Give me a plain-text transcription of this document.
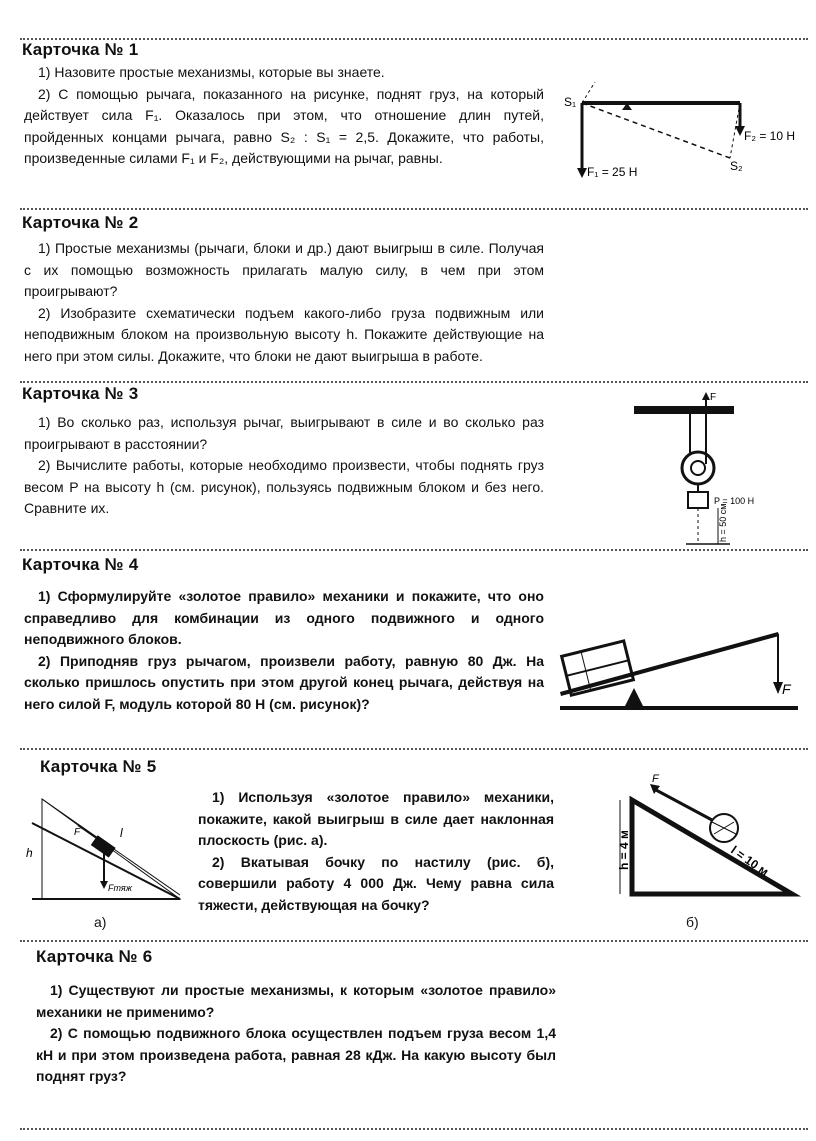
Карточка № 1

1) Назовите простые механизмы, которые вы знаете.

2) С помощью рычага, показанного на рисунке, поднят груз, на который действует сила F₁. Оказалось при этом, что отношение длин путей, пройденных концами рычага, равно S₂ : S₁ = 2,5. Докажите, что работы, произведенные силами F₁ и F₂, действующими на рычаг, равны.

S₁
S₂
F₂ = 10 H
F₁ = 25 H
Карточка № 2

1) Простые механизмы (рычаги, блоки и др.) дают выигрыш в силе. Получая с их помощью возможность прилагать малую силу, в чем при этом проигрывают?

2) Изобразите схематически подъем какого-либо груза подвижным или неподвижным блоком на произвольную высоту h. Покажите действующие на него при этом силы. Докажите, что блоки не дают выигрыша в работе.

Карточка № 3

1) Во сколько раз, используя рычаг, выигрывают в силе и во сколько раз проигрывают в расстоянии?

2) Вычислите работы, которые необходимо произвести, чтобы поднять груз весом P на высоту h (см. рисунок), пользуясь подвижным блоком и без него. Сравните их.

F
P = 100 H
h = 50 см
Карточка № 4

1) Сформулируйте «золотое правило» механики и покажите, что оно справедливо для комбинации из одного подвижного и одного неподвижного блоков.

2) Приподняв груз рычагом, произвели работу, равную 80 Дж. На сколько пришлось опустить при этом другой конец рычага, действуя на него силой F, модуль которой 80 Н (см. рисунок)?

F
Карточка № 5
h
l
F
Fтяж
а)

1) Используя «золотое правило» механики, покажите, какой выигрыш в силе дает наклонная плоскость (рис. а).

2) Вкатывая бочку по настилу (рис. б), совершили работу 4 000 Дж. Чему равна сила тяжести, действующая на бочку?

h = 4 м	l = 10 м
F
б)
Карточка № 6

1) Существуют ли простые механизмы, к которым «золотое правило» механики не применимо?

2) С помощью подвижного блока осуществлен подъем груза весом 1,4 кН и при этом произведена работа, равная 28 кДж. На какую высоту был поднят груз?
